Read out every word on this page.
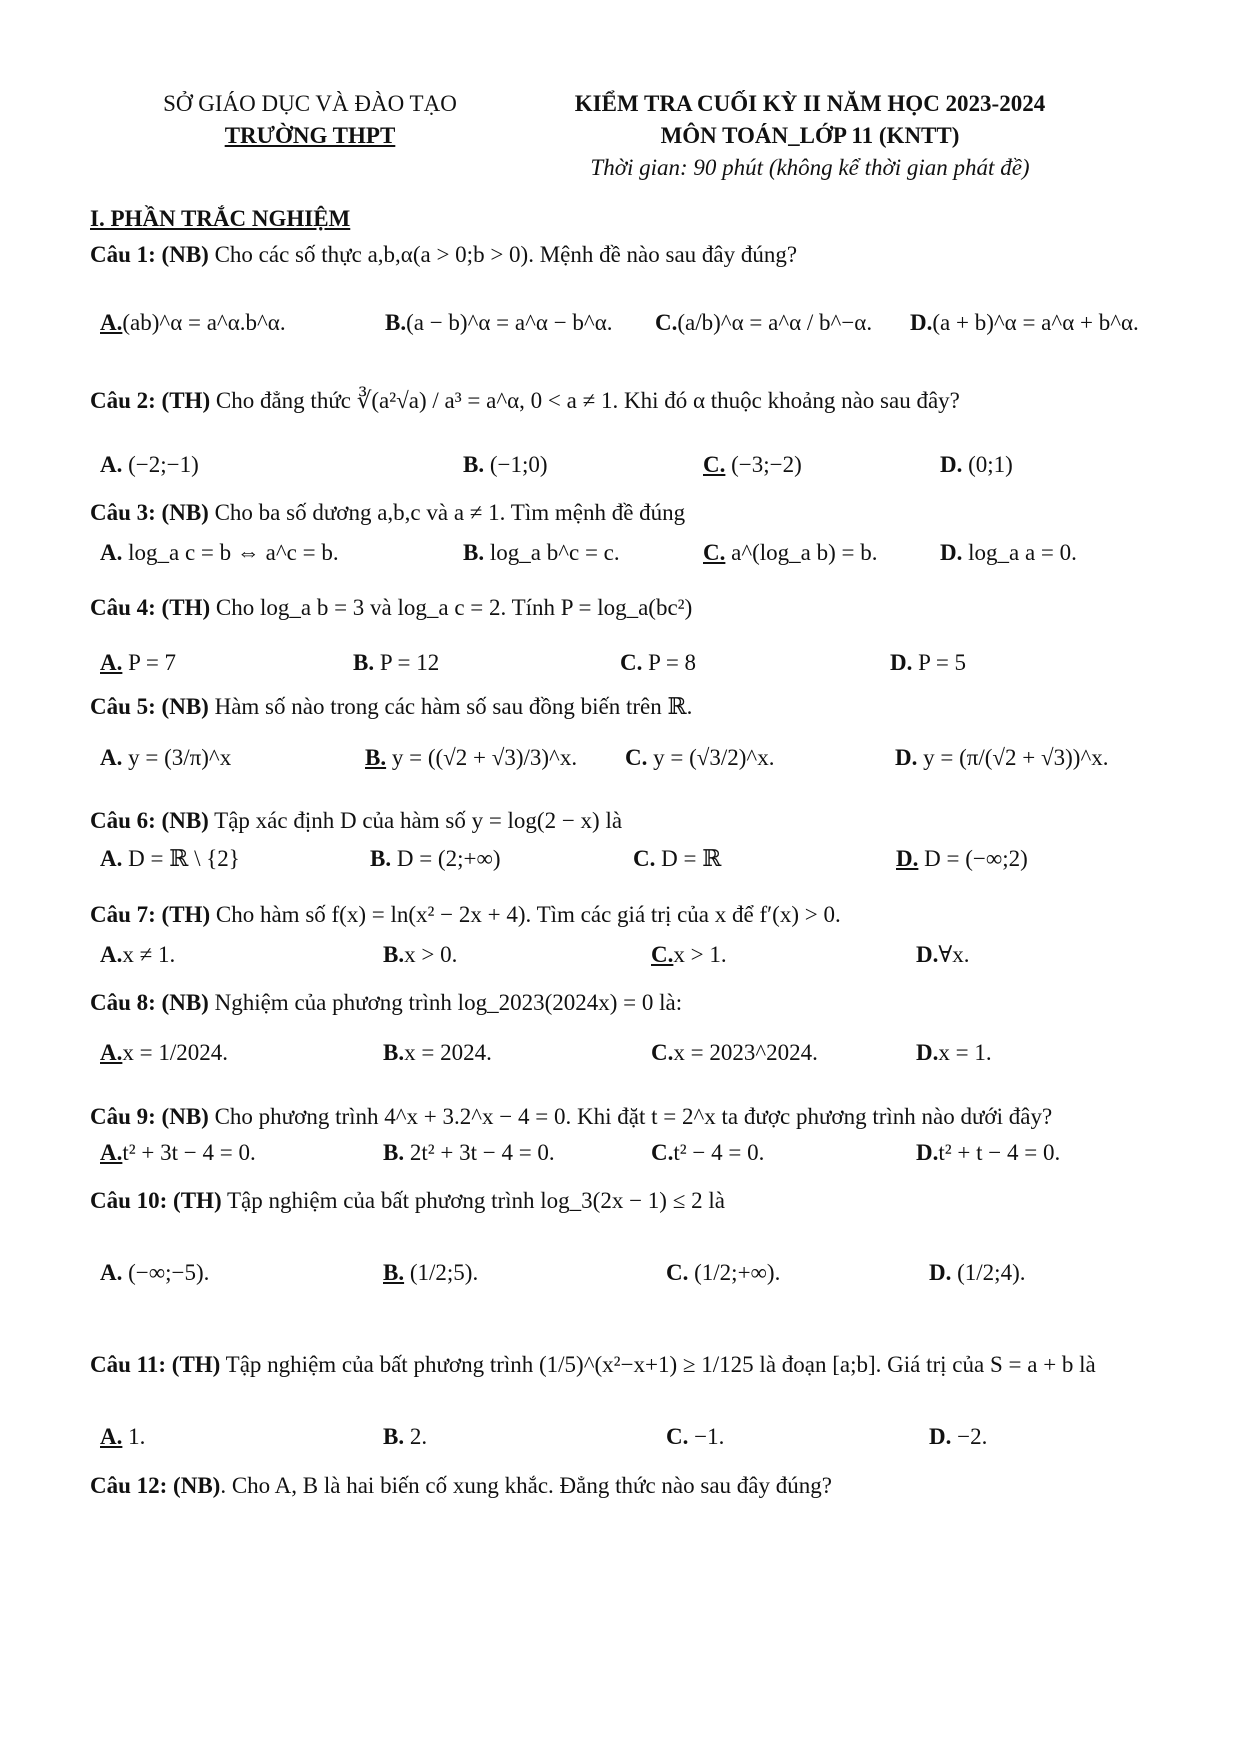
SỞ GIÁO DỤC VÀ ĐÀO TẠO
TRƯỜNG THPT
KIỂM TRA CUỐI KỲ II NĂM HỌC 2023-2024
MÔN TOÁN_LỚP 11 (KNTT)
Thời gian: 90 phút (không kể thời gian phát đề)
I. PHẦN TRẮC NGHIỆM
Câu 1: (NB) Cho các số thực a,b,α(a > 0;b > 0). Mệnh đề nào sau đây đúng?
A.(ab)^α = a^α.b^α.	B.(a − b)^α = a^α − b^α. C.(a/b)^α = a^α / b^−α. D.(a + b)^α = a^α + b^α.
Câu 2: (TH) Cho đẳng thức ∛(a²√a) / a³ = a^α, 0 < a ≠ 1. Khi đó α thuộc khoảng nào sau đây?
A. (−2;−1)	B. (−1;0)	C. (−3;−2)	D. (0;1)
Câu 3: (NB) Cho ba số dương a,b,c và a ≠ 1. Tìm mệnh đề đúng
A. log_a c = b ⇔ a^c = b.	B. log_a b^c = c.	C. a^(log_a b) = b.	D. log_a a = 0.
Câu 4: (TH) Cho log_a b = 3 và log_a c = 2. Tính P = log_a(bc²)
A. P = 7	B. P = 12	C. P = 8	D. P = 5
Câu 5: (NB) Hàm số nào trong các hàm số sau đồng biến trên ℝ.
A. y = (3/π)^x	B. y = ((√2 + √3)/3)^x. C. y = (√3/2)^x.	D. y = (π/(√2 + √3))^x.
Câu 6: (NB) Tập xác định D của hàm số y = log(2 − x) là
A. D = ℝ \ {2}	B. D = (2;+∞)	C. D = ℝ	D. D = (−∞;2)
Câu 7: (TH) Cho hàm số f(x) = ln(x² − 2x + 4). Tìm các giá trị của x để f′(x) > 0.
A.x ≠ 1.	B.x > 0.	C.x > 1.	D.∀x.
Câu 8: (NB) Nghiệm của phương trình log_2023(2024x) = 0 là:
A.x = 1/2024.	B.x = 2024.	C.x = 2023^2024.	D.x = 1.
Câu 9: (NB) Cho phương trình 4^x + 3.2^x − 4 = 0. Khi đặt t = 2^x ta được phương trình nào dưới đây?
A.t² + 3t − 4 = 0.	B. 2t² + 3t − 4 = 0.	C.t² − 4 = 0.	D.t² + t − 4 = 0.
Câu 10: (TH) Tập nghiệm của bất phương trình log_3(2x − 1) ≤ 2 là
A. (−∞;−5).	B. (1/2;5).	C. (1/2;+∞).	D. (1/2;4).
Câu 11: (TH) Tập nghiệm của bất phương trình (1/5)^(x²−x+1) ≥ 1/125 là đoạn [a;b]. Giá trị của S = a + b là
A. 1.	B. 2.	C. −1.	D. −2.
Câu 12: (NB). Cho A, B là hai biến cố xung khắc. Đẳng thức nào sau đây đúng?
